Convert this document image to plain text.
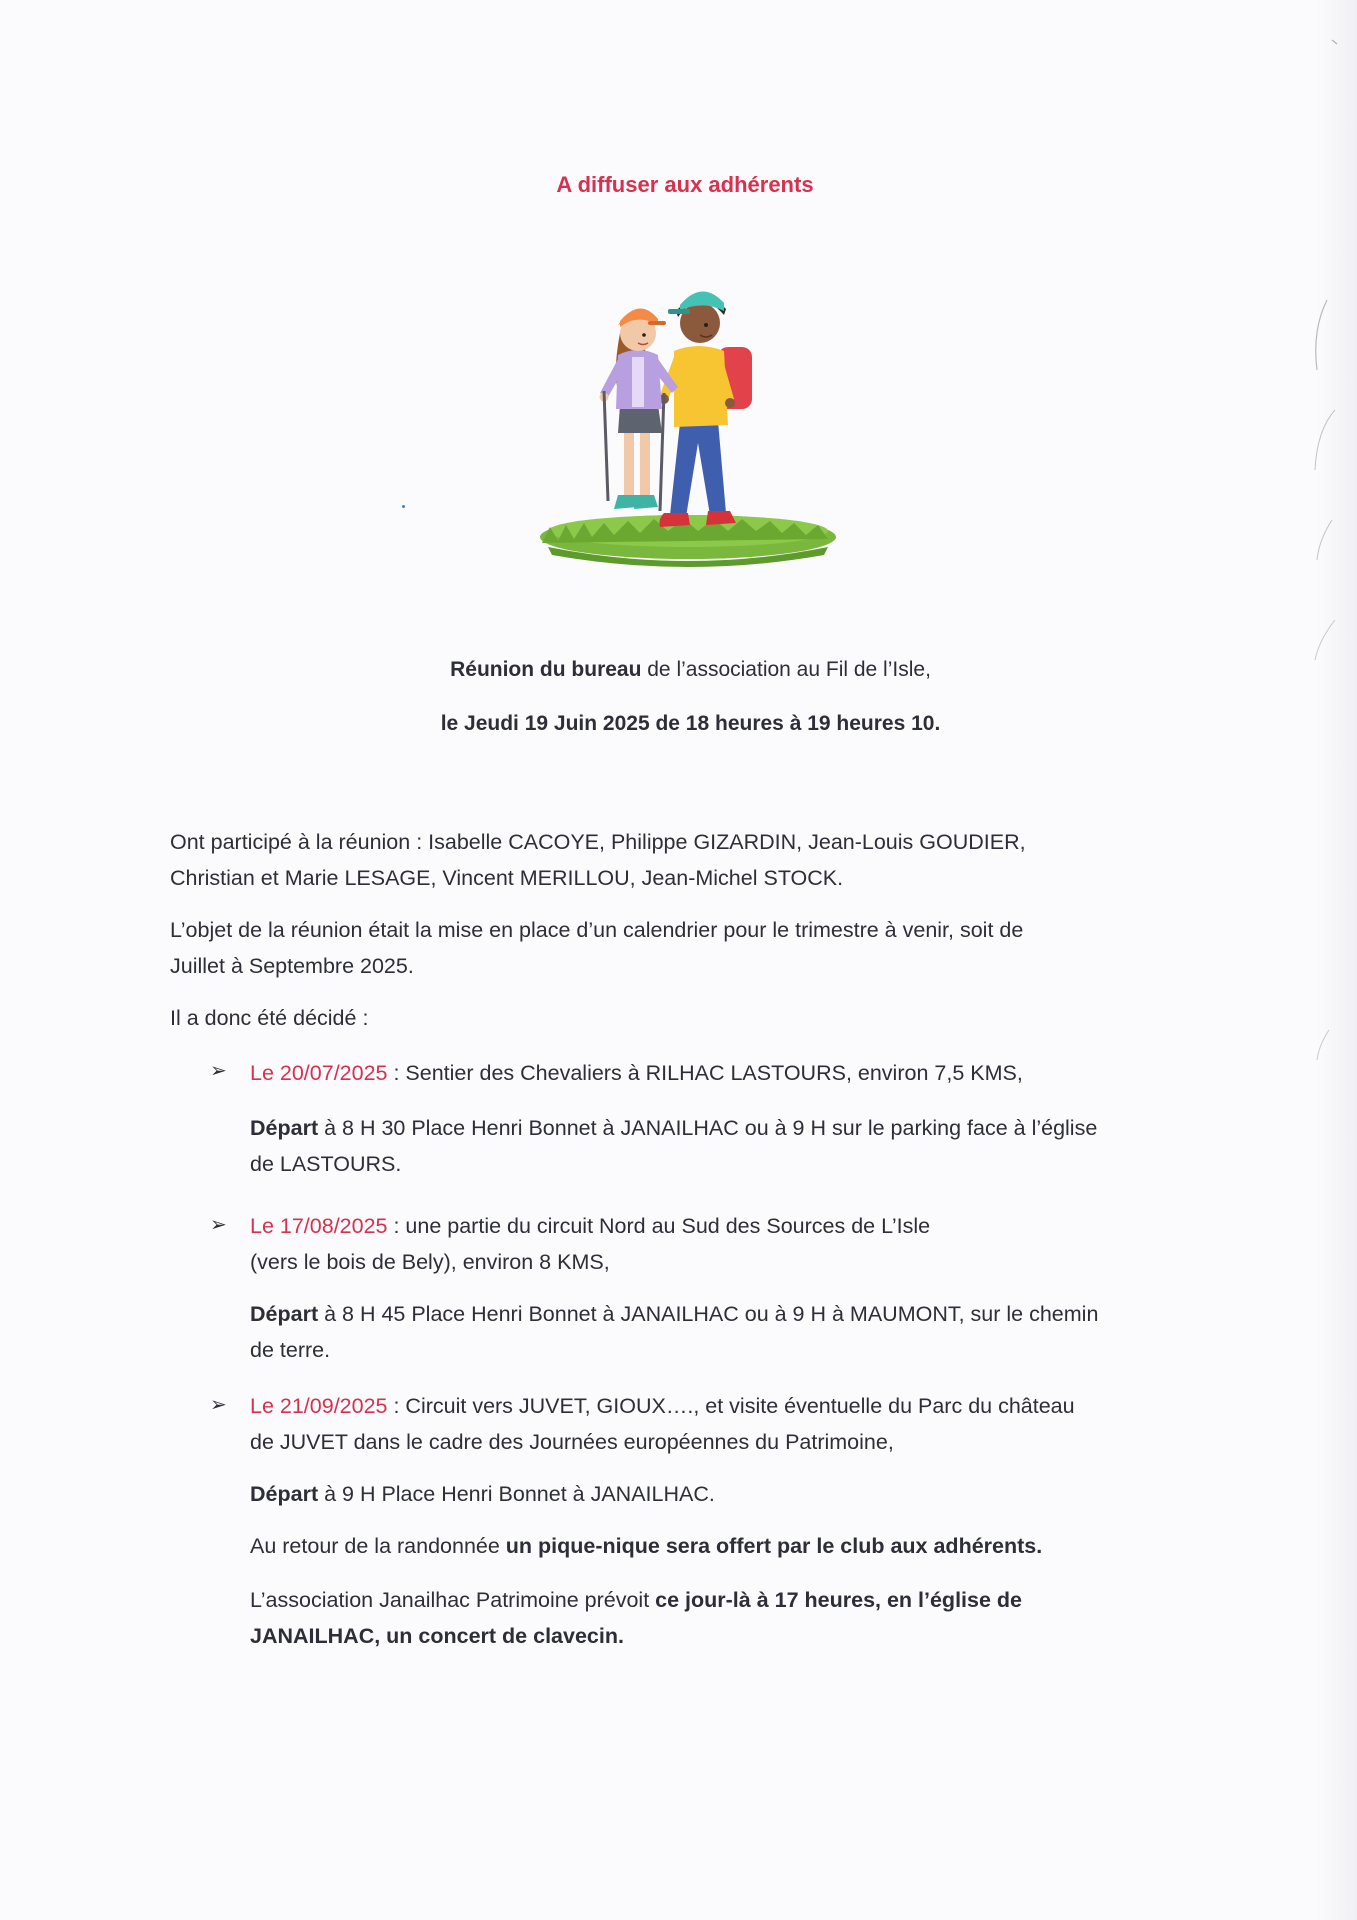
A diffuser aux adhérents
Réunion du bureau de l’association au Fil de l’Isle,
le Jeudi 19 Juin 2025 de 18 heures à 19 heures 10.
Ont participé à la réunion : Isabelle CACOYE, Philippe GIZARDIN, Jean-Louis GOUDIER,
Christian et Marie LESAGE, Vincent MERILLOU, Jean-Michel STOCK.
L’objet de la réunion était la mise en place d’un calendrier pour le trimestre à venir, soit de
Juillet à Septembre 2025.
Il a donc été décidé :
➢ Le 20/07/2025 : Sentier des Chevaliers à RILHAC LASTOURS, environ 7,5 KMS,
Départ à 8 H 30 Place Henri Bonnet à JANAILHAC ou à 9 H sur le parking face à l’église
de LASTOURS.
➢ Le 17/08/2025 : une partie du circuit Nord au Sud des Sources de L’Isle
(vers le bois de Bely), environ 8 KMS,
Départ à 8 H 45 Place Henri Bonnet à JANAILHAC ou à 9 H à MAUMONT, sur le chemin
de terre.
➢ Le 21/09/2025 : Circuit vers JUVET, GIOUX…., et visite éventuelle du Parc du château
de JUVET dans le cadre des Journées européennes du Patrimoine,
Départ à 9 H Place Henri Bonnet à JANAILHAC.
Au retour de la randonnée un pique-nique sera offert par le club aux adhérents.
L’association Janailhac Patrimoine prévoit ce jour-là à 17 heures, en l’église de
JANAILHAC, un concert de clavecin.
